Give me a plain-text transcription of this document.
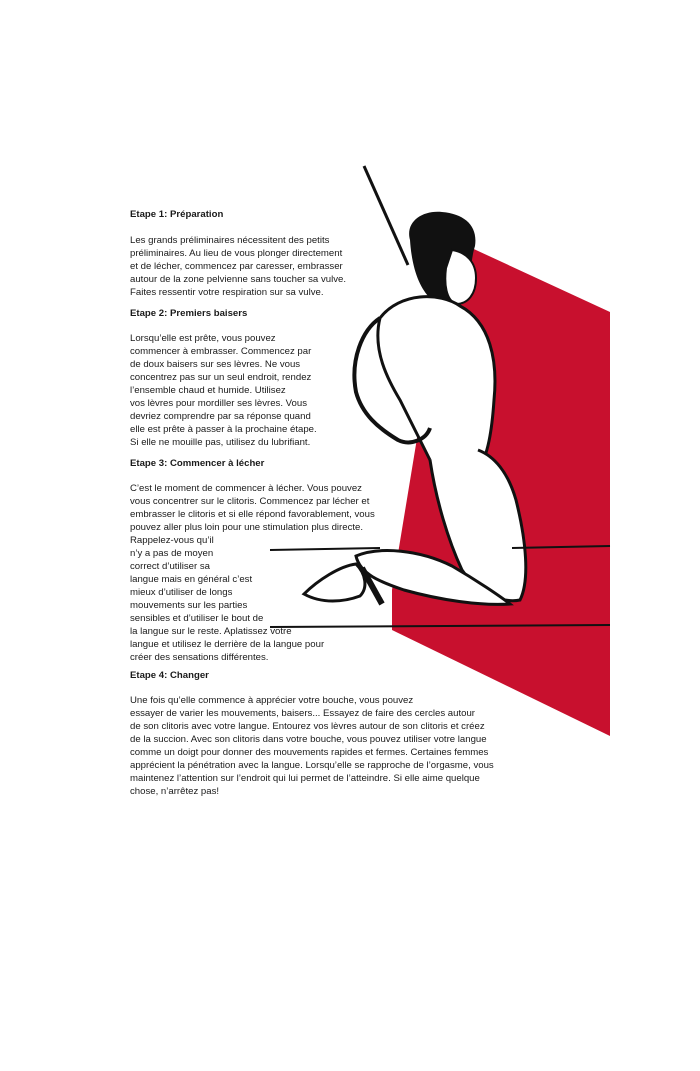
Etape 1: Préparation
Les grands préliminaires nécessitent des petits
préliminaires. Au lieu de vous plonger directement
et de lécher, commencez par caresser, embrasser
autour de la zone pelvienne sans toucher sa vulve.
Faites ressentir votre respiration sur sa vulve.
Etape 2: Premiers baisers
Lorsqu’elle est prête, vous pouvez
commencer à embrasser. Commencez par
de doux baisers sur ses lèvres. Ne vous
concentrez pas sur un seul endroit, rendez
l’ensemble chaud et humide. Utilisez
vos lèvres pour mordiller ses lèvres. Vous
devriez comprendre par sa réponse quand
elle est prête à passer à la prochaine étape.
Si elle ne mouille pas, utilisez du lubrifiant.
Etape 3: Commencer à lécher
C’est le moment de commencer à lécher. Vous pouvez
vous concentrer sur le clitoris. Commencez par lécher et
embrasser le clitoris et si elle répond favorablement, vous
pouvez aller plus loin pour une stimulation plus directe.
Rappelez-vous qu’il
n’y a pas de moyen
correct d’utiliser sa
langue mais en général c’est
mieux d’utiliser de longs
mouvements sur les parties
sensibles et d’utiliser le bout de
la langue sur le reste. Aplatissez votre
langue et utilisez le derrière de la langue pour
créer des sensations différentes.
Etape 4: Changer
Une fois qu’elle commence à apprécier votre bouche, vous pouvez
essayer de varier les mouvements, baisers... Essayez de faire des cercles autour
de son clitoris avec votre langue. Entourez vos lèvres autour de son clitoris et créez
de la succion. Avec son clitoris dans votre bouche, vous pouvez utiliser votre langue
comme un doigt pour donner des mouvements rapides et fermes. Certaines femmes
apprécient la pénétration avec la langue. Lorsqu’elle se rapproche de l’orgasme, vous
maintenez l’attention sur l’endroit qui lui permet de l’atteindre. Si elle aime quelque
chose, n’arrêtez pas!
